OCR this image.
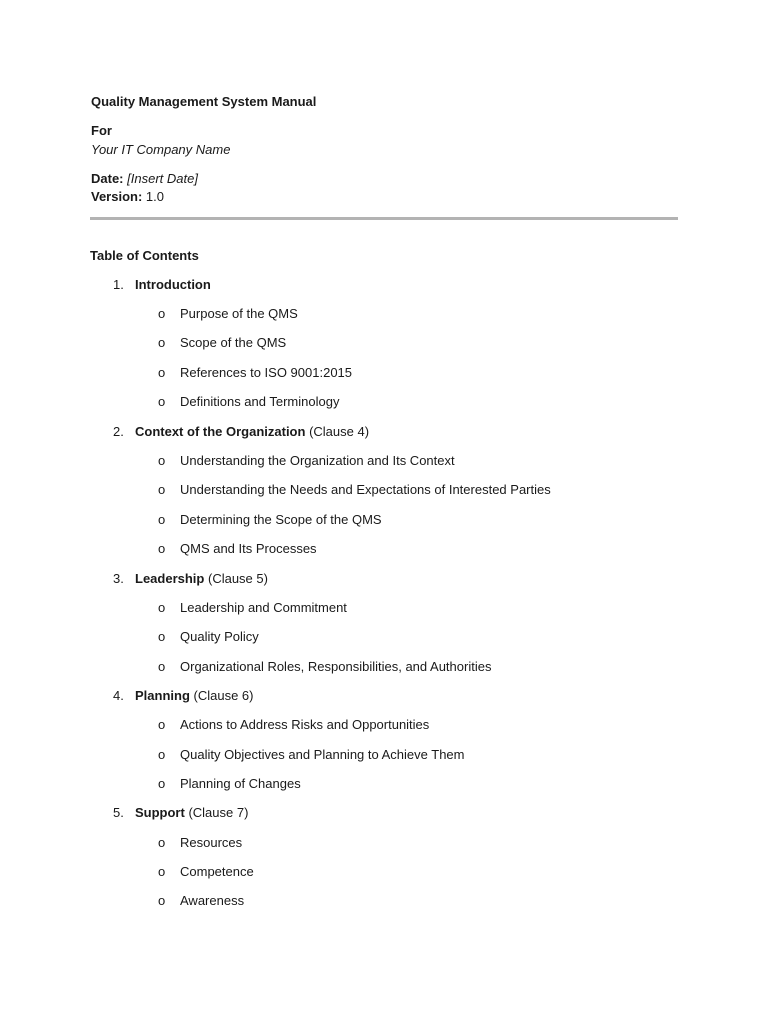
Quality Management System Manual
For
Your IT Company Name
Date: [Insert Date]
Version: 1.0
Table of Contents
1. Introduction
o Purpose of the QMS
o Scope of the QMS
o References to ISO 9001:2015
o Definitions and Terminology
2. Context of the Organization (Clause 4)
o Understanding the Organization and Its Context
o Understanding the Needs and Expectations of Interested Parties
o Determining the Scope of the QMS
o QMS and Its Processes
3. Leadership (Clause 5)
o Leadership and Commitment
o Quality Policy
o Organizational Roles, Responsibilities, and Authorities
4. Planning (Clause 6)
o Actions to Address Risks and Opportunities
o Quality Objectives and Planning to Achieve Them
o Planning of Changes
5. Support (Clause 7)
o Resources
o Competence
o Awareness
